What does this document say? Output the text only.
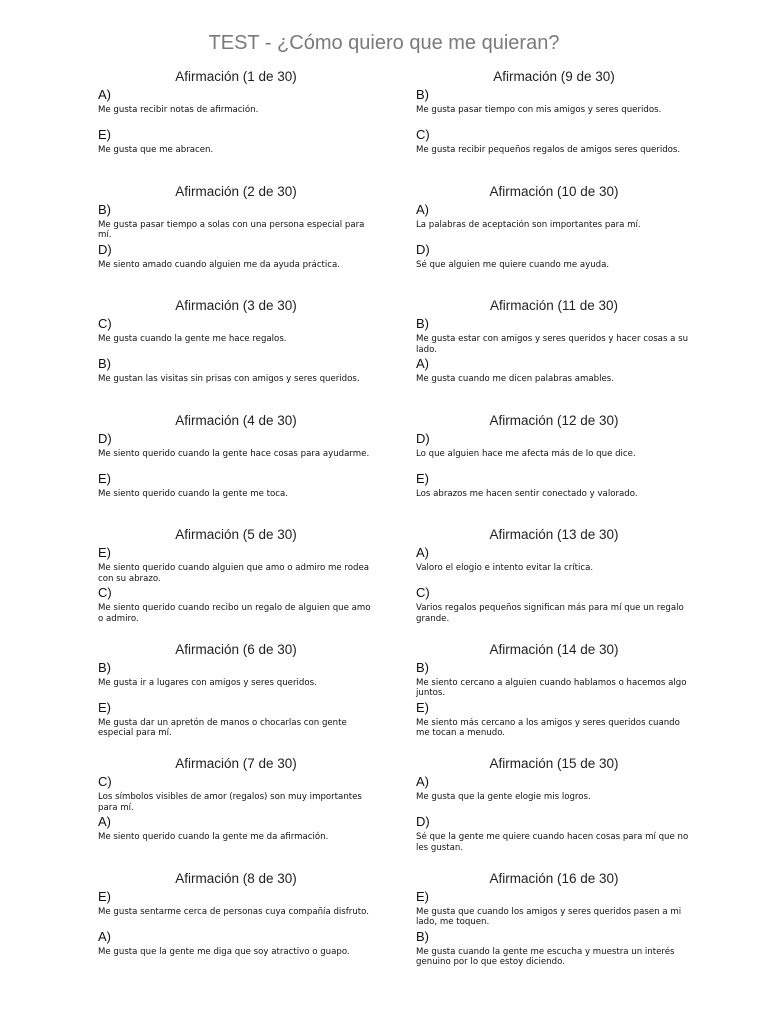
TEST - ¿Cómo quiero que me quieran?
Afirmación (1 de 30)
A)
Me gusta recibir notas de afirmación.
E)
Me gusta que me abracen.
Afirmación (2 de 30)
B)
Me gusta pasar tiempo a solas con una persona especial para mí.
D)
Me siento amado cuando alguien me da ayuda práctica.
Afirmación (3 de 30)
C)
Me gusta cuando la gente me hace regalos.
B)
Me gustan las visitas sin prisas con amigos y seres queridos.
Afirmación (4 de 30)
D)
Me siento querido cuando la gente hace cosas para ayudarme.
E)
Me siento querido cuando la gente me toca.
Afirmación (5 de 30)
E)
Me siento querido cuando alguien que amo o admiro me rodea con su abrazo.
C)
Me siento querido cuando recibo un regalo de alguien que amo o admiro.
Afirmación (6 de 30)
B)
Me gusta ir a lugares con amigos y seres queridos.
E)
Me gusta dar un apretón de manos o chocarlas con gente especial para mí.
Afirmación (7 de 30)
C)
Los símbolos visibles de amor (regalos) son muy importantes para mí.
A)
Me siento querido cuando la gente me da afirmación.
Afirmación (8 de 30)
E)
Me gusta sentarme cerca de personas cuya compañía disfruto.
A)
Me gusta que la gente me diga que soy atractivo o guapo.
Afirmación (9 de 30)
B)
Me gusta pasar tiempo con mis amigos y seres queridos.
C)
Me gusta recibir pequeños regalos de amigos seres queridos.
Afirmación (10 de 30)
A)
La palabras de aceptación son importantes para mí.
D)
Sé que alguien me quiere cuando me ayuda.
Afirmación (11 de 30)
B)
Me gusta estar con amigos y seres queridos y hacer cosas a su lado.
A)
Me gusta cuando me dicen palabras amables.
Afirmación (12 de 30)
D)
Lo que alguien hace me afecta más de lo que dice.
E)
Los abrazos me hacen sentir conectado y valorado.
Afirmación (13 de 30)
A)
Valoro el elogio e intento evitar la crítica.
C)
Varios regalos pequeños significan más para mí que un regalo grande.
Afirmación (14 de 30)
B)
Me siento cercano a alguien cuando hablamos o hacemos algo juntos.
E)
Me siento más cercano a los amigos y seres queridos cuando me tocan a menudo.
Afirmación (15 de 30)
A)
Me gusta que la gente elogie mis logros.
D)
Sé que la gente me quiere cuando hacen cosas para mí que no les gustan.
Afirmación (16 de 30)
E)
Me gusta que cuando los amigos y seres queridos pasen a mi lado, me toquen.
B)
Me gusta cuando la gente me escucha y muestra un interés genuino por lo que estoy diciendo.
